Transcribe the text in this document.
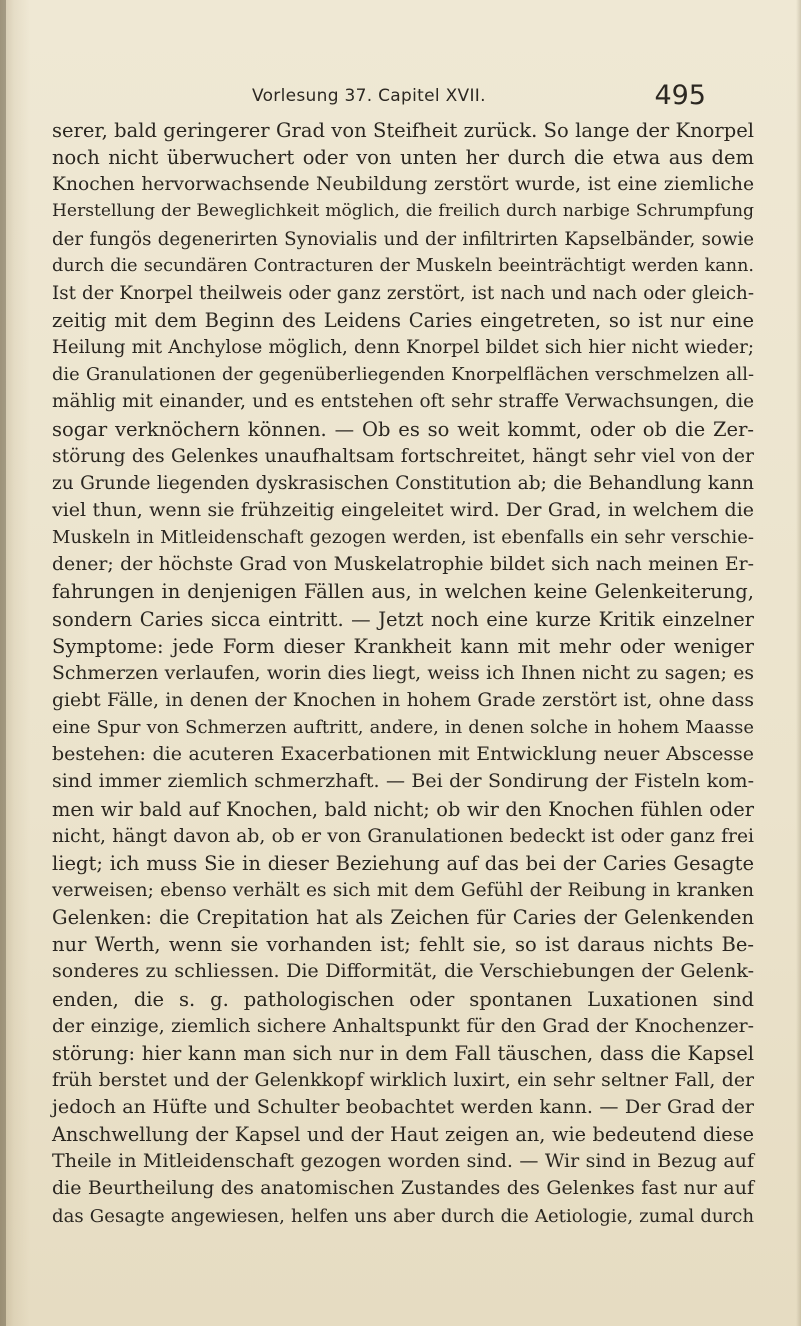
Vorlesung 37. Capitel XVII.	495
serer, bald geringerer Grad von Steifheit zurück. So lange der Knorpel
noch nicht überwuchert oder von unten her durch die etwa aus dem
Knochen hervorwachsende Neubildung zerstört wurde, ist eine ziemliche
Herstellung der Beweglichkeit möglich, die freilich durch narbige Schrumpfung
der fungös degenerirten Synovialis und der infiltrirten Kapselbänder, sowie
durch die secundären Contracturen der Muskeln beeinträchtigt werden kann.
Ist der Knorpel theilweis oder ganz zerstört, ist nach und nach oder gleich-
zeitig mit dem Beginn des Leidens Caries eingetreten, so ist nur eine
Heilung mit Anchylose möglich, denn Knorpel bildet sich hier nicht wieder;
die Granulationen der gegenüberliegenden Knorpelflächen verschmelzen all-
mählig mit einander, und es entstehen oft sehr straffe Verwachsungen, die
sogar verknöchern können. — Ob es so weit kommt, oder ob die Zer-
störung des Gelenkes unaufhaltsam fortschreitet, hängt sehr viel von der
zu Grunde liegenden dyskrasischen Constitution ab; die Behandlung kann
viel thun, wenn sie frühzeitig eingeleitet wird. Der Grad, in welchem die
Muskeln in Mitleidenschaft gezogen werden, ist ebenfalls ein sehr verschie-
dener; der höchste Grad von Muskelatrophie bildet sich nach meinen Er-
fahrungen in denjenigen Fällen aus, in welchen keine Gelenkeiterung,
sondern Caries sicca eintritt. — Jetzt noch eine kurze Kritik einzelner
Symptome: jede Form dieser Krankheit kann mit mehr oder weniger
Schmerzen verlaufen, worin dies liegt, weiss ich Ihnen nicht zu sagen; es
giebt Fälle, in denen der Knochen in hohem Grade zerstört ist, ohne dass
eine Spur von Schmerzen auftritt, andere, in denen solche in hohem Maasse
bestehen: die acuteren Exacerbationen mit Entwicklung neuer Abscesse
sind immer ziemlich schmerzhaft. — Bei der Sondirung der Fisteln kom-
men wir bald auf Knochen, bald nicht; ob wir den Knochen fühlen oder
nicht, hängt davon ab, ob er von Granulationen bedeckt ist oder ganz frei
liegt; ich muss Sie in dieser Beziehung auf das bei der Caries Gesagte
verweisen; ebenso verhält es sich mit dem Gefühl der Reibung in kranken
Gelenken: die Crepitation hat als Zeichen für Caries der Gelenkenden
nur Werth, wenn sie vorhanden ist; fehlt sie, so ist daraus nichts Be-
sonderes zu schliessen. Die Difformität, die Verschiebungen der Gelenk-
enden, die s. g. pathologischen oder spontanen Luxationen sind
der einzige, ziemlich sichere Anhaltspunkt für den Grad der Knochenzer-
störung: hier kann man sich nur in dem Fall täuschen, dass die Kapsel
früh berstet und der Gelenkkopf wirklich luxirt, ein sehr seltner Fall, der
jedoch an Hüfte und Schulter beobachtet werden kann. — Der Grad der
Anschwellung der Kapsel und der Haut zeigen an, wie bedeutend diese
Theile in Mitleidenschaft gezogen worden sind. — Wir sind in Bezug auf
die Beurtheilung des anatomischen Zustandes des Gelenkes fast nur auf
das Gesagte angewiesen, helfen uns aber durch die Aetiologie, zumal durch
